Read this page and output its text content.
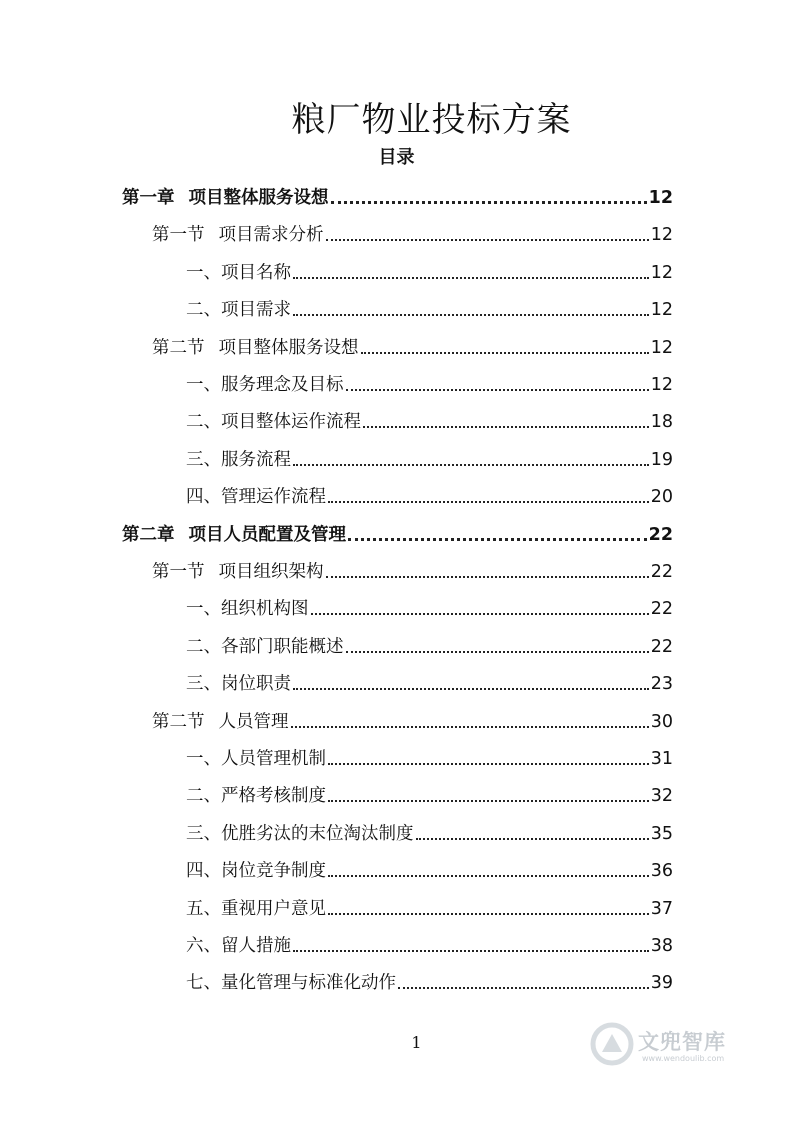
粮厂物业投标方案
目录
第一章 项目整体服务设想	12
第一节 项目需求分析	12
一、 项目名称	12
二、 项目需求	12
第二节 项目整体服务设想	12
一、 服务理念及目标	12
二、 项目整体运作流程	18
三、 服务流程	19
四、 管理运作流程	20
第二章 项目人员配置及管理	22
第一节 项目组织架构	22
一、 组织机构图	22
二、 各部门职能概述	22
三、 岗位职责	23
第二节 人员管理	30
一、 人员管理机制	31
二、 严格考核制度	32
三、 优胜劣汰的末位淘汰制度	35
四、 岗位竞争制度	36
五、 重视用户意见	37
六、 留人措施	38
七、 量化管理与标准化动作	39
1	文兜智库
www.wendoulib.com
